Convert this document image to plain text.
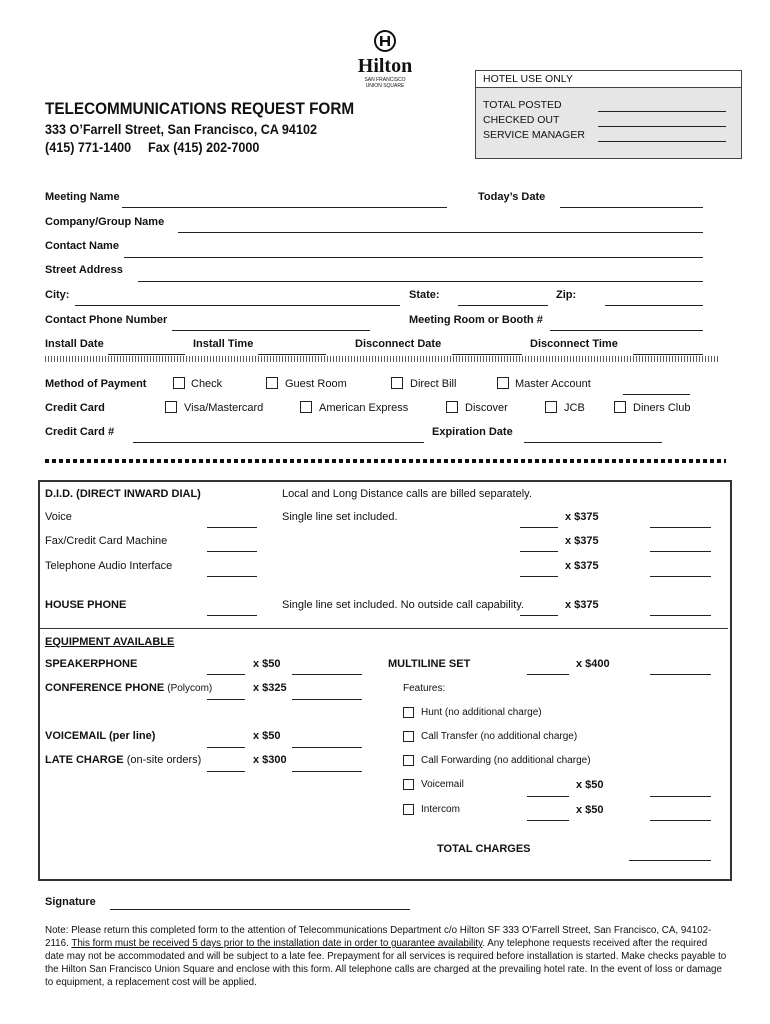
Hilton
SAN FRANCISCO
UNION SQUARE
HOTEL USE ONLY
TOTAL POSTED
CHECKED OUT
SERVICE MANAGER
TELECOMMUNICATIONS REQUEST FORM
333 O’Farrell Street, San Francisco, CA 94102
(415) 771-1400 Fax (415) 202-7000
Meeting Name	Today’s Date
Company/Group Name
Contact Name
Street Address
City:	State:	Zip:
Contact Phone Number	Meeting Room or Booth #
Install Date	Install Time	Disconnect Date	Disconnect Time
Method of Payment	Check	Guest Room	Direct Bill	Master Account
Credit Card	Visa/Mastercard	American Express	Discover	JCB	Diners Club
Credit Card #	Expiration Date
D.I.D. (DIRECT INWARD DIAL)	Local and Long Distance calls are billed separately.
Voice	Single line set included.	x $375
Fax/Credit Card Machine	x $375
Telephone Audio Interface	x $375
HOUSE PHONE	Single line set included. No outside call capability.	x $375
EQUIPMENT AVAILABLE
SPEAKERPHONE	x $50
CONFERENCE PHONE (Polycom)	x $325
VOICEMAIL (per line)	x $50
LATE CHARGE (on-site orders)	x $300
MULTILINE SET	x $400
Features:
Hunt (no additional charge)
Call Transfer (no additional charge)
Call Forwarding (no additional charge)
Voicemail	x $50
Intercom	x $50
TOTAL CHARGES
Signature
Note: Please return this completed form to the attention of Telecommunications Department c/o Hilton SF 333 O’Farrell Street, San Francisco, CA, 94102-2116. This form must be received 5 days prior to the installation date in order to guarantee availability. Any telephone requests received after the required date may not be accommodated and will be subject to a late fee. Prepayment for all services is required before installation is started. Make checks payable to the Hilton San Francisco Union Square and enclose with this form. All telephone calls are charged at the prevailing hotel rate. In the event of loss or damage to equipment, a replacement cost will be applied.
